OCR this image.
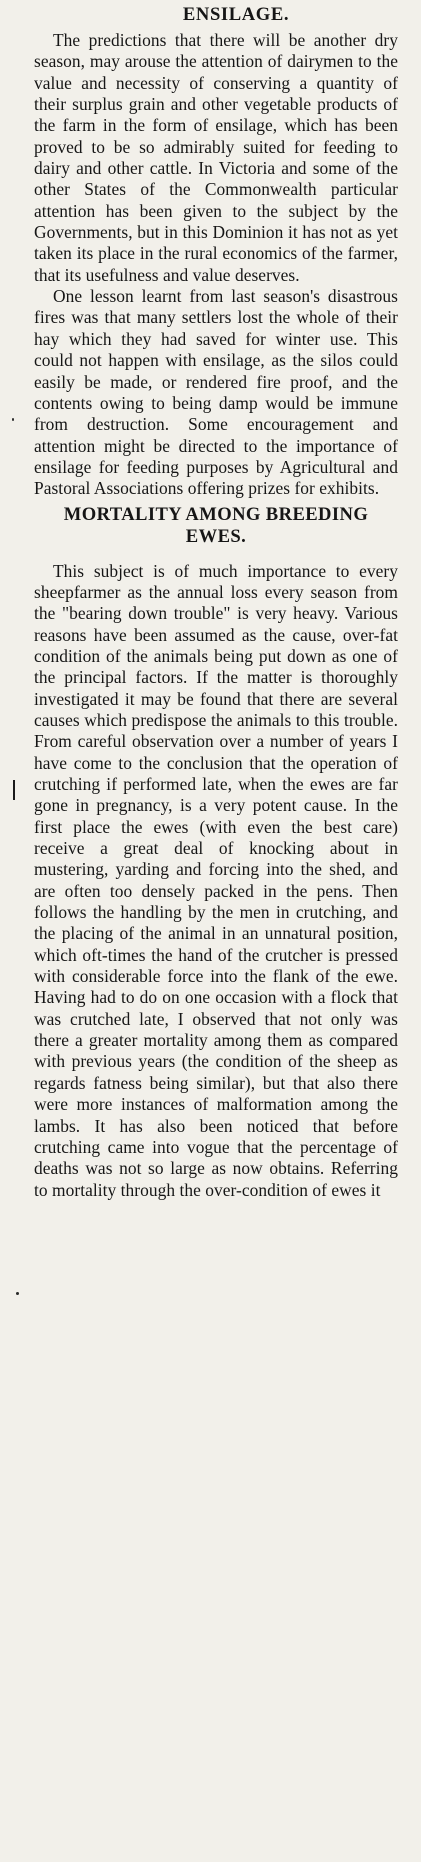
ENSILAGE.

The predictions that there will be another dry season, may arouse the attention of dairymen to the value and necessity of conserving a quantity of their surplus grain and other vegetable products of the farm in the form of ensilage, which has been proved to be so admirably suited for feeding to dairy and other cattle. In Victoria and some of the other States of the Commonwealth particular attention has been given to the subject by the Governments, but in this Dominion it has not as yet taken its place in the rural economics of the farmer, that its usefulness and value deserves.

One lesson learnt from last season's disastrous fires was that many settlers lost the whole of their hay which they had saved for winter use. This could not happen with ensilage, as the silos could easily be made, or rendered fire proof, and the contents owing to being damp would be immune from destruction. Some encouragement and attention might be directed to the importance of ensilage for feeding purposes by Agricultural and Pastoral Associations offering prizes for exhibits.

MORTALITY AMONG BREEDING EWES.

This subject is of much importance to every sheepfarmer as the annual loss every season from the "bearing down trouble" is very heavy. Various reasons have been assumed as the cause, over-fat condition of the animals being put down as one of the principal factors. If the matter is thoroughly investigated it may be found that there are several causes which predispose the animals to this trouble. From careful observation over a number of years I have come to the conclusion that the operation of crutching if performed late, when the ewes are far gone in pregnancy, is a very potent cause. In the first place the ewes (with even the best care) receive a great deal of knocking about in mustering, yarding and forcing into the shed, and are often too densely packed in the pens. Then follows the handling by the men in crutching, and the placing of the animal in an unnatural position, which oft-times the hand of the crutcher is pressed with considerable force into the flank of the ewe. Having had to do on one occasion with a flock that was crutched late, I observed that not only was there a greater mortality among them as compared with previous years (the condition of the sheep as regards fatness being similar), but that also there were more instances of malformation among the lambs. It has also been noticed that before crutching came into vogue that the percentage of deaths was not so large as now obtains. Referring to mortality through the over-condition of ewes it
